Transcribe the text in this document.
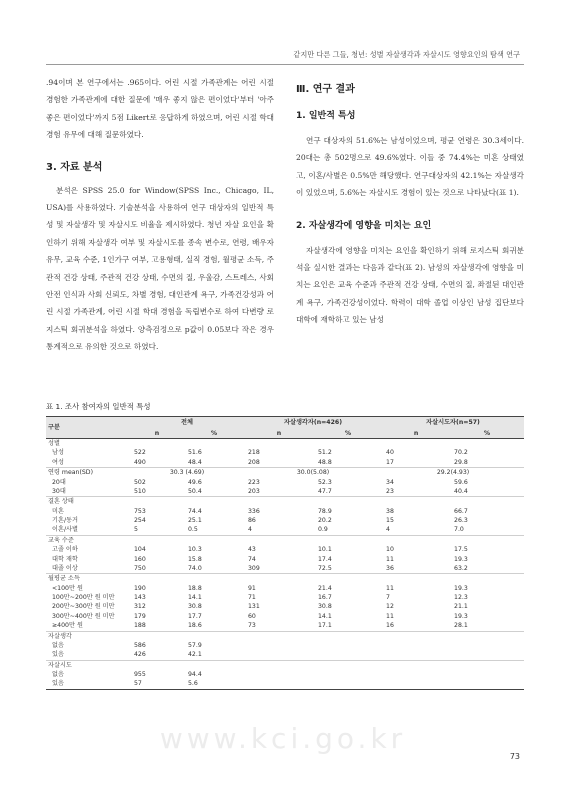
같지만 다른 그들, 청년: 성별 자살생각과 자살시도 영향요인의 탐색 연구

.94이며 본 연구에서는 .965이다. 어린 시절 가족관계는 어린 시절 경험한 가족관계에 대한 질문에 '매우 좋지 않은 편이었다'부터 '아주 좋은 편이었다'까지 5점 Likert로 응답하게 하였으며, 어린 시절 학대 경험 유무에 대해 질문하였다.

3. 자료 분석

분석은 SPSS 25.0 for Window(SPSS Inc., Chicago, IL, USA)를 사용하였다. 기술분석을 사용하여 연구 대상자의 일반적 특성 및 자살생각 및 자살시도 비율을 제시하였다. 청년 자살 요인을 확인하기 위해 자살생각 여부 및 자살시도를 종속 변수로, 연령, 배우자 유무, 교육 수준, 1인가구 여부, 고용형태, 실직 경험, 월평균 소득, 주관적 건강 상태, 주관적 건강 상태, 수면의 질, 우울감, 스트레스, 사회 안전 인식과 사회 신뢰도, 차별 경험, 대인관계 욕구, 가족건강성과 어린 시절 가족관계, 어린 시절 학대 경험을 독립변수로 하여 다변량 로지스틱 회귀분석을 하였다. 양측검정으로 p값이 0.05보다 작은 경우 통계적으로 유의한 것으로 하였다.

Ⅲ. 연구 결과
1. 일반적 특성

연구 대상자의 51.6%는 남성이었으며, 평균 연령은 30.3세이다. 20대는 총 502명으로 49.6%였다. 이들 중 74.4%는 미혼 상태였고, 이혼/사별은 0.5%만 해당했다. 연구대상자의 42.1%는 자살생각이 있었으며, 5.6%는 자살시도 경험이 있는 것으로 나타났다(표 1).

2. 자살생각에 영향을 미치는 요인

자살생각에 영향을 미치는 요인을 확인하기 위해 로지스틱 회귀분석을 실시한 결과는 다음과 같다(표 2). 남성의 자살생각에 영향을 미치는 요인은 교육 수준과 주관적 건강 상태, 수면의 질, 좌절된 대인관계 욕구, 가족건강성이었다. 학력이 대학 졸업 이상인 남성 집단보다 대학에 재학하고 있는 남성

표 1. 조사 참여자의 일반적 특성
구분	전체		자살생각자(n=426)		자살시도자(n=57)	
	n	%	n	%	n	%
성별						
남성	522	51.6	218	51.2	40	70.2
여성	490	48.4	208	48.8	17	29.8
연령 mean(SD)	30.3 (4.69)		30.0(5.08)		29.2(4.93)	
20대	502	49.6	223	52.3	34	59.6
30대	510	50.4	203	47.7	23	40.4
결혼 상태						
미혼	753	74.4	336	78.9	38	66.7
기혼/동거	254	25.1	86	20.2	15	26.3
이혼/사별	5	0.5	4	0.9	4	7.0
교육 수준						
고졸 이하	104	10.3	43	10.1	10	17.5
대학 재학	160	15.8	74	17.4	11	19.3
대졸 이상	750	74.0	309	72.5	36	63.2
월평균 소득						
<100만 원	190	18.8	91	21.4	11	19.3
100만~200만 원 미만	143	14.1	71	16.7	7	12.3
200만~300만 원 미만	312	30.8	131	30.8	12	21.1
300만~400만 원 미만	179	17.7	60	14.1	11	19.3
≥400만 원	188	18.6	73	17.1	16	28.1
자살생각						
없음	586	57.9				
있음	426	42.1				
자살시도						
없음	955	94.4				
있음	57	5.6				
www.kci.go.kr
73
